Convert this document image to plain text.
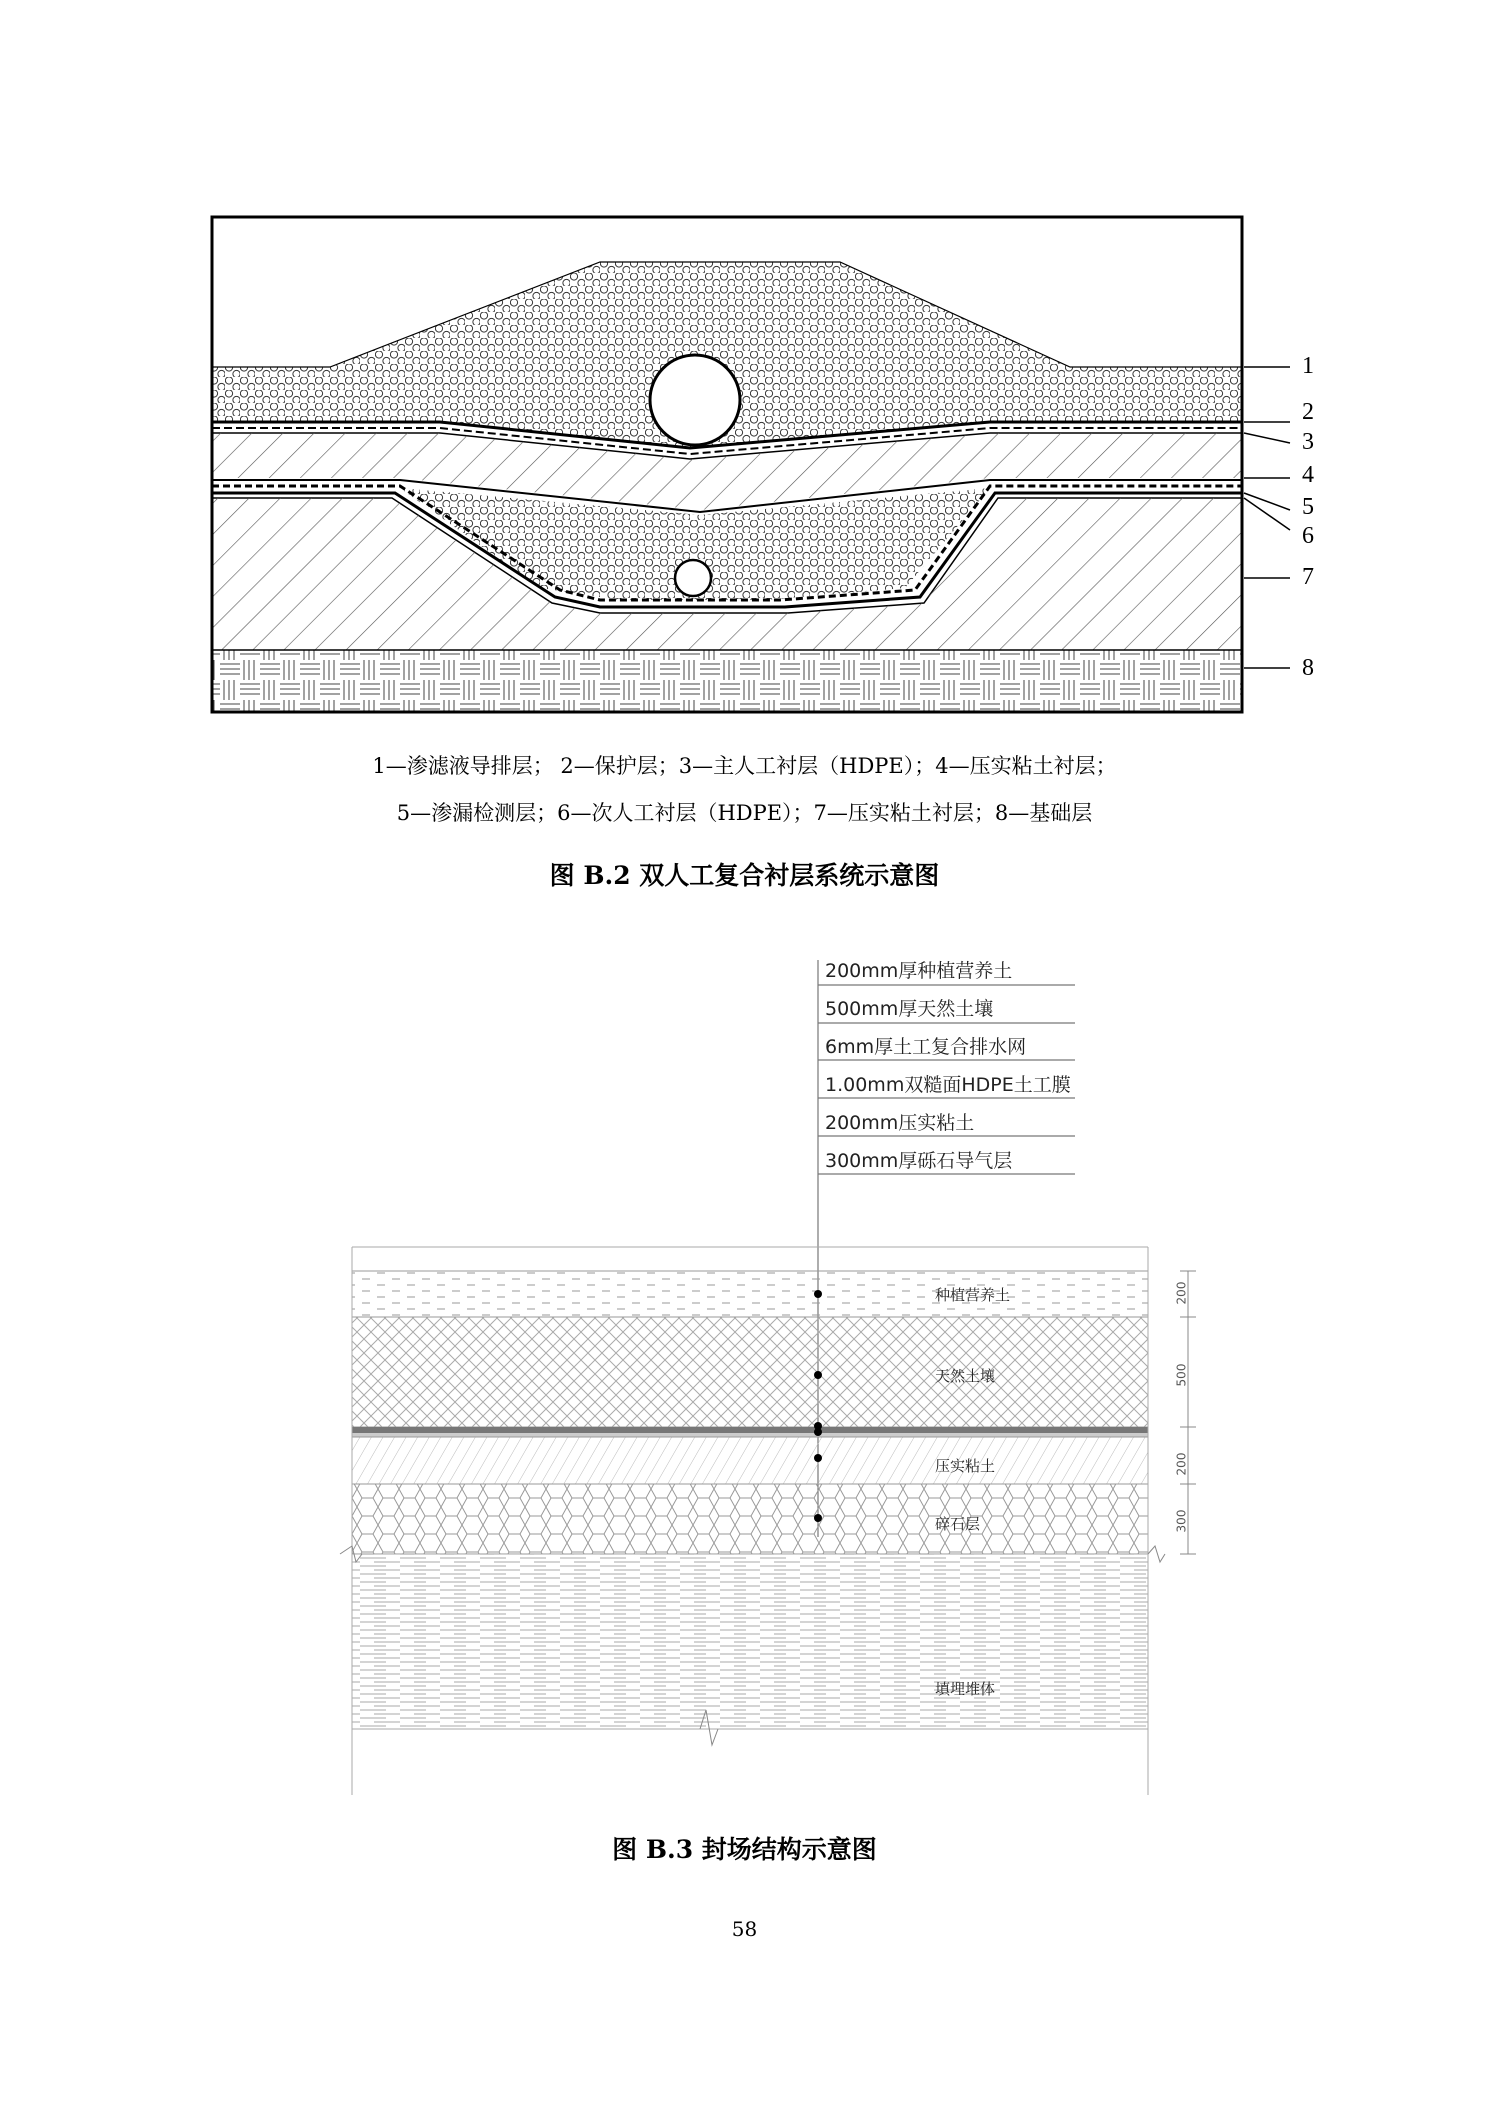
1
2
3
4
5
6
7
8
1—渗滤液导排层； 2—保护层；3—主人工衬层（HDPE）；4—压实粘土衬层；
5—渗漏检测层；6—次人工衬层（HDPE）；7—压实粘土衬层；8—基础层
图 B.2 双人工复合衬层系统示意图
200mm厚种植营养土
500mm厚天然土壤
6mm厚土工复合排水网
1.00mm双糙面HDPE土工膜
200mm压实粘土
300mm厚砾石导气层
种植营养土
天然土壤
压实粘土
碎石层
填埋堆体
200
500
200
300
图 B.3 封场结构示意图
58
